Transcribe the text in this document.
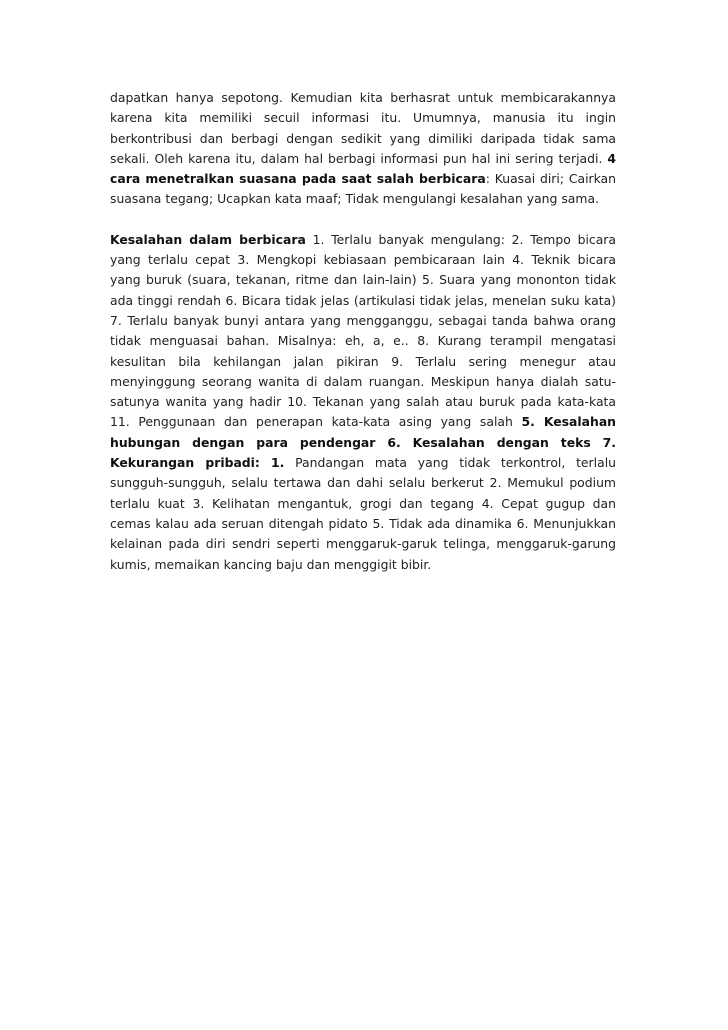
dapatkan hanya sepotong. Kemudian kita berhasrat untuk membicarakannya karena kita memiliki secuil informasi itu. Umumnya, manusia itu ingin berkontribusi dan berbagi dengan sedikit yang dimiliki daripada tidak sama sekali. Oleh karena itu, dalam hal berbagi informasi pun hal ini sering terjadi. 4 cara menetralkan suasana pada saat salah berbicara: Kuasai diri; Cairkan suasana tegang; Ucapkan kata maaf; Tidak mengulangi kesalahan yang sama.

Kesalahan dalam berbicara 1. Terlalu banyak mengulang: 2. Tempo bicara yang terlalu cepat 3. Mengkopi kebiasaan pembicaraan lain 4. Teknik bicara yang buruk (suara, tekanan, ritme dan lain-lain) 5. Suara yang mononton tidak ada tinggi rendah 6. Bicara tidak jelas (artikulasi tidak jelas, menelan suku kata) 7. Terlalu banyak bunyi antara yang mengganggu, sebagai tanda bahwa orang tidak menguasai bahan. Misalnya: eh, a, e.. 8. Kurang terampil mengatasi kesulitan bila kehilangan jalan pikiran 9. Terlalu sering menegur atau menyinggung seorang wanita di dalam ruangan. Meskipun hanya dialah satu-satunya wanita yang hadir 10. Tekanan yang salah atau buruk pada kata-kata 11. Penggunaan dan penerapan kata-kata asing yang salah 5. Kesalahan hubungan dengan para pendengar 6. Kesalahan dengan teks 7. Kekurangan pribadi: 1. Pandangan mata yang tidak terkontrol, terlalu sungguh-sungguh, selalu tertawa dan dahi selalu berkerut 2. Memukul podium terlalu kuat 3. Kelihatan mengantuk, grogi dan tegang 4. Cepat gugup dan cemas kalau ada seruan ditengah pidato 5. Tidak ada dinamika 6. Menunjukkan kelainan pada diri sendri seperti menggaruk-garuk telinga, menggaruk-garung kumis, memaikan kancing baju dan menggigit bibir.
